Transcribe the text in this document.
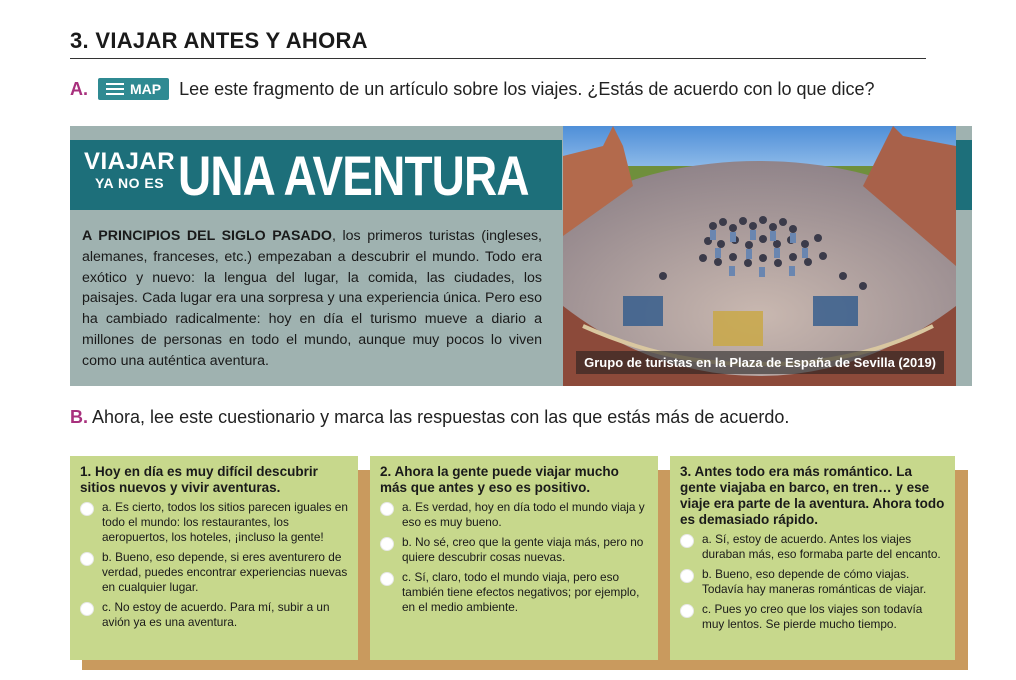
3. VIAJAR ANTES Y AHORA
A.	MAP Lee este fragmento de un artículo sobre los viajes. ¿Estás de acuerdo con lo que dice?
VIAJAR
YA NO ES UNA AVENTURA
A PRINCIPIOS DEL SIGLO PASADO, los primeros turistas (ingleses, alemanes, franceses, etc.) empezaban a descubrir el mundo. Todo era exótico y nuevo: la lengua del lugar, la comida, las ciudades, los paisajes. Cada lugar era una sorpresa y una experiencia única. Pero eso ha cambiado radicalmente: hoy en día el turismo mueve a diario a millones de personas en todo el mundo, aunque muy pocos lo viven como una auténtica aventura.	Grupo de turistas en la Plaza de España de Sevilla (2019)
B. Ahora, lee este cuestionario y marca las respuestas con las que estás más de acuerdo.
1. Hoy en día es muy difícil descubrir sitios nuevos y vivir aventuras.
a. Es cierto, todos los sitios parecen iguales en todo el mundo: los restaurantes, los aeropuertos, los hoteles, ¡incluso la gente!
b. Bueno, eso depende, si eres aventurero de verdad, puedes encontrar experiencias nuevas en cualquier lugar.
c. No estoy de acuerdo. Para mí, subir a un avión ya es una aventura.
2. Ahora la gente puede viajar mucho más que antes y eso es positivo.
a. Es verdad, hoy en día todo el mundo viaja y eso es muy bueno.
b. No sé, creo que la gente viaja más, pero no quiere descubrir cosas nuevas.
c. Sí, claro, todo el mundo viaja, pero eso también tiene efectos negativos; por ejemplo, en el medio ambiente.
3. Antes todo era más romántico. La gente viajaba en barco, en tren… y ese viaje era parte de la aventura. Ahora todo es demasiado rápido.
a. Sí, estoy de acuerdo. Antes los viajes duraban más, eso formaba parte del encanto.
b. Bueno, eso depende de cómo viajas. Todavía hay maneras románticas de viajar.
c. Pues yo creo que los viajes son todavía muy lentos. Se pierde mucho tiempo.
